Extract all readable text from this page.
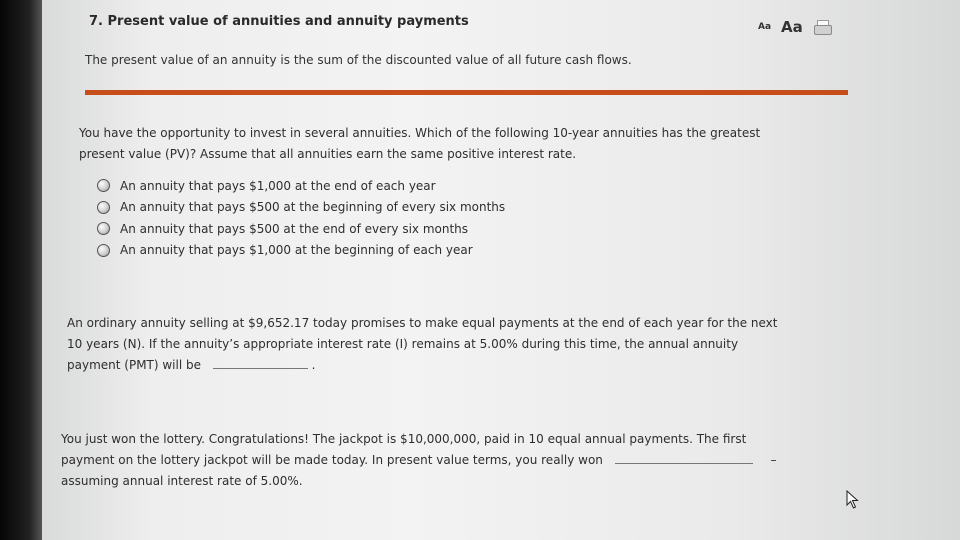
7. Present value of annuities and annuity payments	Aa Aa
The present value of an annuity is the sum of the discounted value of all future cash flows.
You have the opportunity to invest in several annuities. Which of the following 10-year annuities has the greatest
present value (PV)? Assume that all annuities earn the same positive interest rate.
An annuity that pays $1,000 at the end of each year
An annuity that pays $500 at the beginning of every six months
An annuity that pays $500 at the end of every six months
An annuity that pays $1,000 at the beginning of each year
An ordinary annuity selling at $9,652.17 today promises to make equal payments at the end of each year for the next
10 years (N). If the annuity’s appropriate interest rate (I) remains at 5.00% during this time, the annual annuity
payment (PMT) will be	.
You just won the lottery. Congratulations! The jackpot is $10,000,000, paid in 10 equal annual payments. The first
payment on the lottery jackpot will be made today. In present value terms, you really won	–
assuming annual interest rate of 5.00%.
